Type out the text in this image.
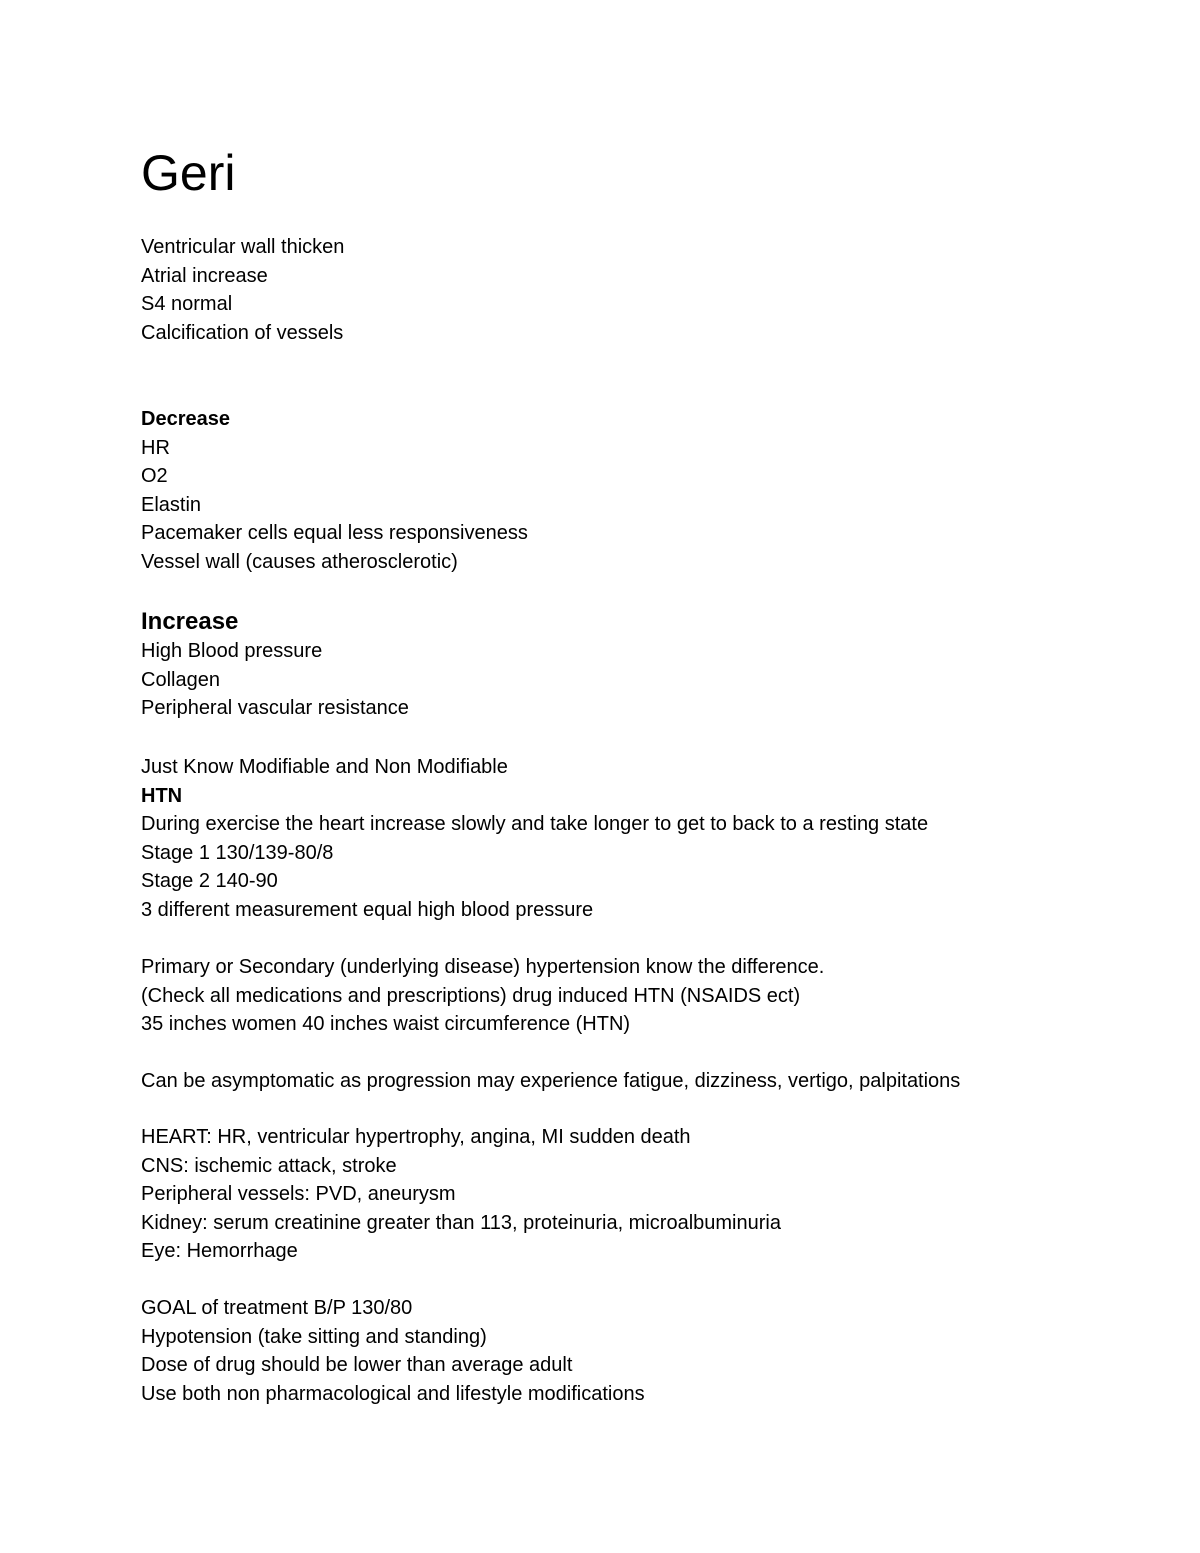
Geri
Ventricular wall thicken
Atrial increase
S4 normal
Calcification of vessels
Decrease
HR
O2
Elastin
Pacemaker cells equal less responsiveness
Vessel wall (causes atherosclerotic)
Increase
High Blood pressure
Collagen
Peripheral vascular resistance
Just Know Modifiable and Non Modifiable
HTN
During exercise the heart increase slowly and take longer to get to back to a resting state
Stage 1 130/139-80/8
Stage 2 140-90
3 different measurement equal high blood pressure
Primary or Secondary (underlying disease) hypertension know the difference.
(Check all medications and prescriptions) drug induced HTN (NSAIDS ect)
35 inches women 40 inches waist circumference (HTN)
Can be asymptomatic as progression may experience fatigue, dizziness, vertigo, palpitations
HEART: HR, ventricular hypertrophy, angina, MI sudden death
CNS: ischemic attack, stroke
Peripheral vessels: PVD, aneurysm
Kidney: serum creatinine greater than 113, proteinuria, microalbuminuria
Eye: Hemorrhage
GOAL of treatment B/P 130/80
Hypotension (take sitting and standing)
Dose of drug should be lower than average adult
Use both non pharmacological and lifestyle modifications
